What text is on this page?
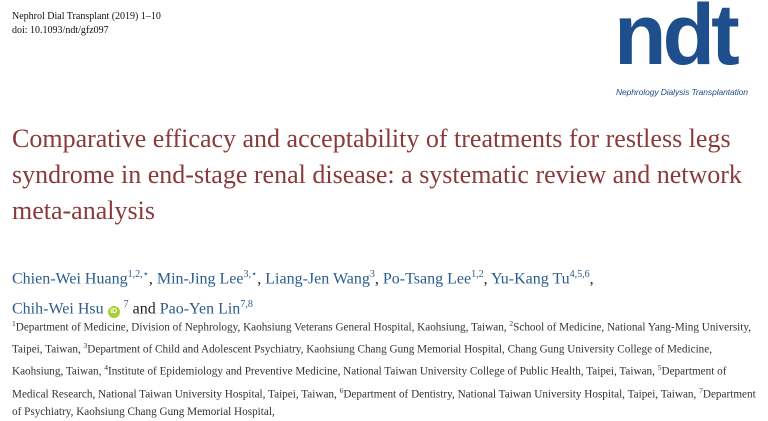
Nephrol Dial Transplant (2019) 1–10
doi: 10.1093/ndt/gfz097	ndt
Nephrology Dialysis Transplantation
Comparative efficacy and acceptability of treatments for restless legs syndrome in end-stage renal disease: a systematic review and network meta-analysis
Chien-Wei Huang$^{1,2,⋆}$, Min-Jing Lee$^{3,⋆}$, Liang-Jen Wang$^3$, Po-Tsang Lee$^{1,2}$, Yu-Kang Tu$^{4,5,6}$,
Chih-Wei Hsu iD $^7$ and Pao-Yen Lin$^{7,8}$
$^1$Department of Medicine, Division of Nephrology, Kaohsiung Veterans General Hospital, Kaohsiung, Taiwan, $^2$School of Medicine, National Yang-Ming University, Taipei, Taiwan, $^3$Department of Child and Adolescent Psychiatry, Kaohsiung Chang Gung Memorial Hospital, Chang Gung University College of Medicine, Kaohsiung, Taiwan, $^4$Institute of Epidemiology and Preventive Medicine, National Taiwan University College of Public Health, Taipei, Taiwan, $^5$Department of Medical Research, National Taiwan University Hospital, Taipei, Taiwan, $^6$Department of Dentistry, National Taiwan University Hospital, Taipei, Taiwan, $^7$Department of Psychiatry, Kaohsiung Chang Gung Memorial Hospital,
